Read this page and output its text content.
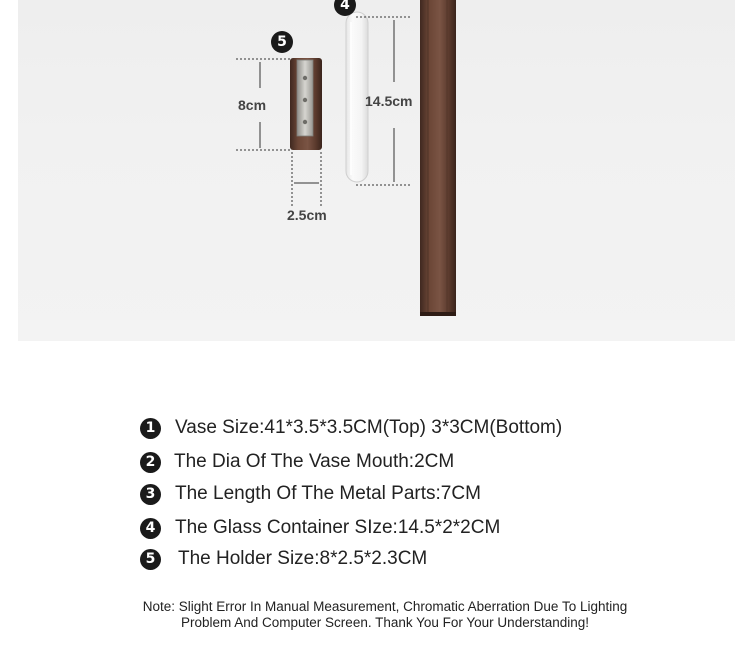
4
5
8cm
2.5cm
14.5cm
1 Vase Size:41*3.5*3.5CM(Top) 3*3CM(Bottom)
2 The Dia Of The Vase Mouth:2CM
3 The Length Of The Metal Parts:7CM
4 The Glass Container SIze:14.5*2*2CM
5 The Holder Size:8*2.5*2.3CM
Note: Slight Error In Manual Measurement, Chromatic Aberration Due To Lighting
Problem And Computer Screen. Thank You For Your Understanding!
